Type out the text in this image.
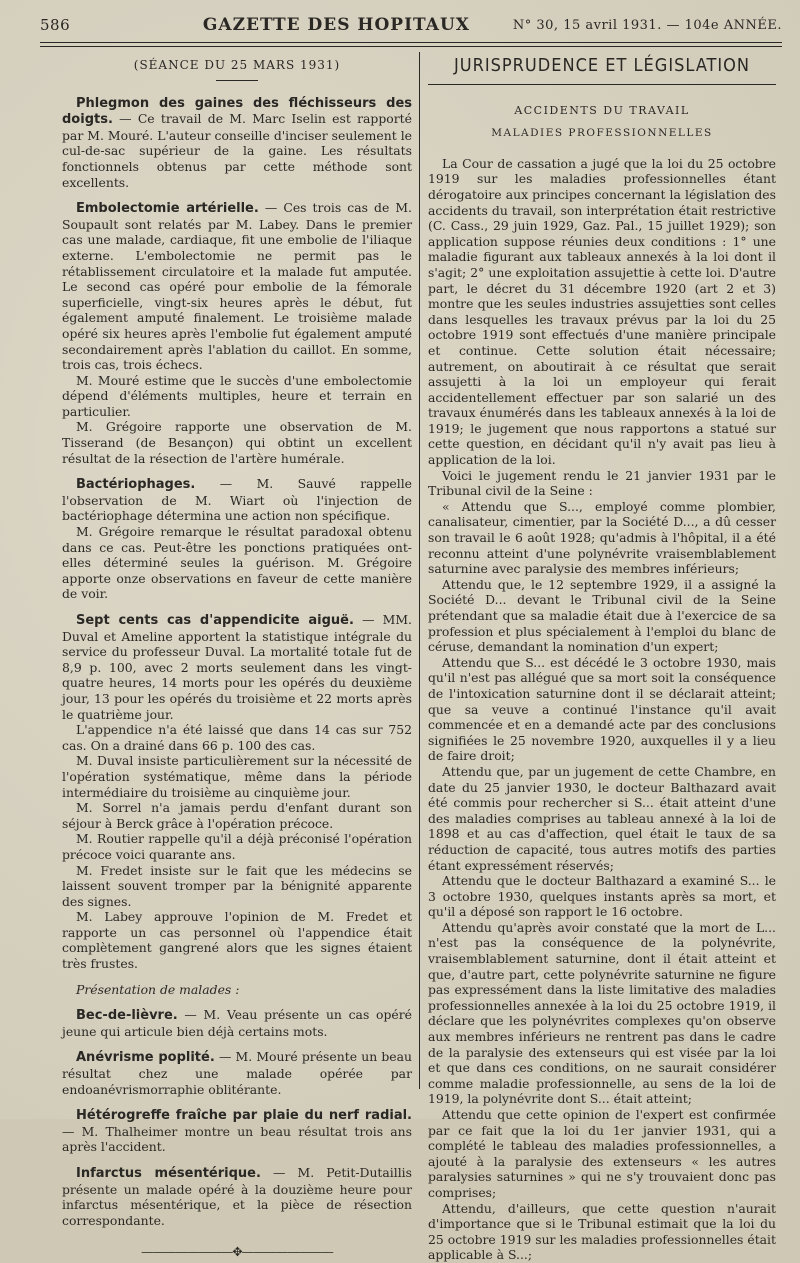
586	GAZETTE DES HOPITAUX	N° 30, 15 avril 1931. — 104e ANNÉE.

(SÉANCE DU 25 MARS 1931)

Phlegmon des gaines des fléchisseurs des doigts. — Ce travail de M. Marc Iselin est rapporté par M. Mouré. L'auteur conseille d'inciser seulement le cul-de-sac supérieur de la gaine. Les résultats fonctionnels obtenus par cette méthode sont excellents.

Embolectomie artérielle. — Ces trois cas de M. Soupault sont relatés par M. Labey. Dans le premier cas une malade, cardiaque, fit une embolie de l'iliaque externe. L'embolectomie ne permit pas le rétablissement circulatoire et la malade fut amputée. Le second cas opéré pour embolie de la fémorale superficielle, vingt-six heures après le début, fut également amputé finalement. Le troisième malade opéré six heures après l'embolie fut également amputé secondairement après l'ablation du caillot. En somme, trois cas, trois échecs.

M. Mouré estime que le succès d'une embolectomie dépend d'éléments multiples, heure et terrain en particulier.

M. Grégoire rapporte une observation de M. Tisserand (de Besançon) qui obtint un excellent résultat de la résection de l'artère humérale.

Bactériophages. — M. Sauvé rappelle l'observation de M. Wiart où l'injection de bactériophage détermina une action non spécifique.

M. Grégoire remarque le résultat paradoxal obtenu dans ce cas. Peut-être les ponctions pratiquées ont-elles déterminé seules la guérison. M. Grégoire apporte onze observations en faveur de cette manière de voir.

Sept cents cas d'appendicite aiguë. — MM. Duval et Ameline apportent la statistique intégrale du service du professeur Duval. La mortalité totale fut de 8,9 p. 100, avec 2 morts seulement dans les vingt-quatre heures, 14 morts pour les opérés du deuxième jour, 13 pour les opérés du troisième et 22 morts après le quatrième jour.

L'appendice n'a été laissé que dans 14 cas sur 752 cas. On a drainé dans 66 p. 100 des cas.

M. Duval insiste particulièrement sur la nécessité de l'opération systématique, même dans la période intermédiaire du troisième au cinquième jour.

M. Sorrel n'a jamais perdu d'enfant durant son séjour à Berck grâce à l'opération précoce.

M. Routier rappelle qu'il a déjà préconisé l'opération précoce voici quarante ans.

M. Fredet insiste sur le fait que les médecins se laissent souvent tromper par la bénignité apparente des signes.

M. Labey approuve l'opinion de M. Fredet et rapporte un cas personnel où l'appendice était complètement gangrené alors que les signes étaient très frustes.

Présentation de malades :

Bec-de-lièvre. — M. Veau présente un cas opéré jeune qui articule bien déjà certains mots.

Anévrisme poplité. — M. Mouré présente un beau résultat chez une malade opérée par endoanévrismorraphie oblitérante.

Hétérogreffe fraîche par plaie du nerf radial. — M. Thalheimer montre un beau résultat trois ans après l'accident.

Infarctus mésentérique. — M. Petit-Dutaillis présente un malade opéré à la douzième heure pour infarctus mésentérique, et la pièce de résection correspondante.

————————✥————————

JURISPRUDENCE ET LÉGISLATION

ACCIDENTS DU TRAVAIL

MALADIES PROFESSIONNELLES

La Cour de cassation a jugé que la loi du 25 octobre 1919 sur les maladies professionnelles étant dérogatoire aux principes concernant la législation des accidents du travail, son interprétation était restrictive (C. Cass., 29 juin 1929, Gaz. Pal., 15 juillet 1929); son application suppose réunies deux conditions : 1° une maladie figurant aux tableaux annexés à la loi dont il s'agit; 2° une exploitation assujettie à cette loi. D'autre part, le décret du 31 décembre 1920 (art 2 et 3) montre que les seules industries assujetties sont celles dans lesquelles les travaux prévus par la loi du 25 octobre 1919 sont effectués d'une manière principale et continue. Cette solution était nécessaire; autrement, on aboutirait à ce résultat que serait assujetti à la loi un employeur qui ferait accidentellement effectuer par son salarié un des travaux énumérés dans les tableaux annexés à la loi de 1919; le jugement que nous rapportons a statué sur cette question, en décidant qu'il n'y avait pas lieu à application de la loi.

Voici le jugement rendu le 21 janvier 1931 par le Tribunal civil de la Seine :

« Attendu que S..., employé comme plombier, canalisateur, cimentier, par la Société D..., a dû cesser son travail le 6 août 1928; qu'admis à l'hôpital, il a été reconnu atteint d'une polynévrite vraisemblablement saturnine avec paralysie des membres inférieurs;

Attendu que, le 12 septembre 1929, il a assigné la Société D... devant le Tribunal civil de la Seine prétendant que sa maladie était due à l'exercice de sa profession et plus spécialement à l'emploi du blanc de céruse, demandant la nomination d'un expert;

Attendu que S... est décédé le 3 octobre 1930, mais qu'il n'est pas allégué que sa mort soit la conséquence de l'intoxication saturnine dont il se déclarait atteint; que sa veuve a continué l'instance qu'il avait commencée et en a demandé acte par des conclusions signifiées le 25 novembre 1920, auxquelles il y a lieu de faire droit;

Attendu que, par un jugement de cette Chambre, en date du 25 janvier 1930, le docteur Balthazard avait été commis pour rechercher si S... était atteint d'une des maladies comprises au tableau annexé à la loi de 1898 et au cas d'affection, quel était le taux de sa réduction de capacité, tous autres motifs des parties étant expressément réservés;

Attendu que le docteur Balthazard a examiné S... le 3 octobre 1930, quelques instants après sa mort, et qu'il a déposé son rapport le 16 octobre.

Attendu qu'après avoir constaté que la mort de L... n'est pas la conséquence de la polynévrite, vraisemblablement saturnine, dont il était atteint et que, d'autre part, cette polynévrite saturnine ne figure pas expressément dans la liste limitative des maladies professionnelles annexée à la loi du 25 octobre 1919, il déclare que les polynévrites complexes qu'on observe aux membres inférieurs ne rentrent pas dans le cadre de la paralysie des extenseurs qui est visée par la loi et que dans ces conditions, on ne saurait considérer comme maladie professionnelle, au sens de la loi de 1919, la polynévrite dont S... était atteint;

Attendu que cette opinion de l'expert est confirmée par ce fait que la loi du 1er janvier 1931, qui a complété le tableau des maladies professionnelles, a ajouté à la paralysie des extenseurs « les autres paralysies saturnines » qui ne s'y trouvaient donc pas comprises;

Attendu, d'ailleurs, que cette question n'aurait d'importance que si le Tribunal estimait que la loi du 25 octobre 1919 sur les maladies professionnelles était applicable à S...;
